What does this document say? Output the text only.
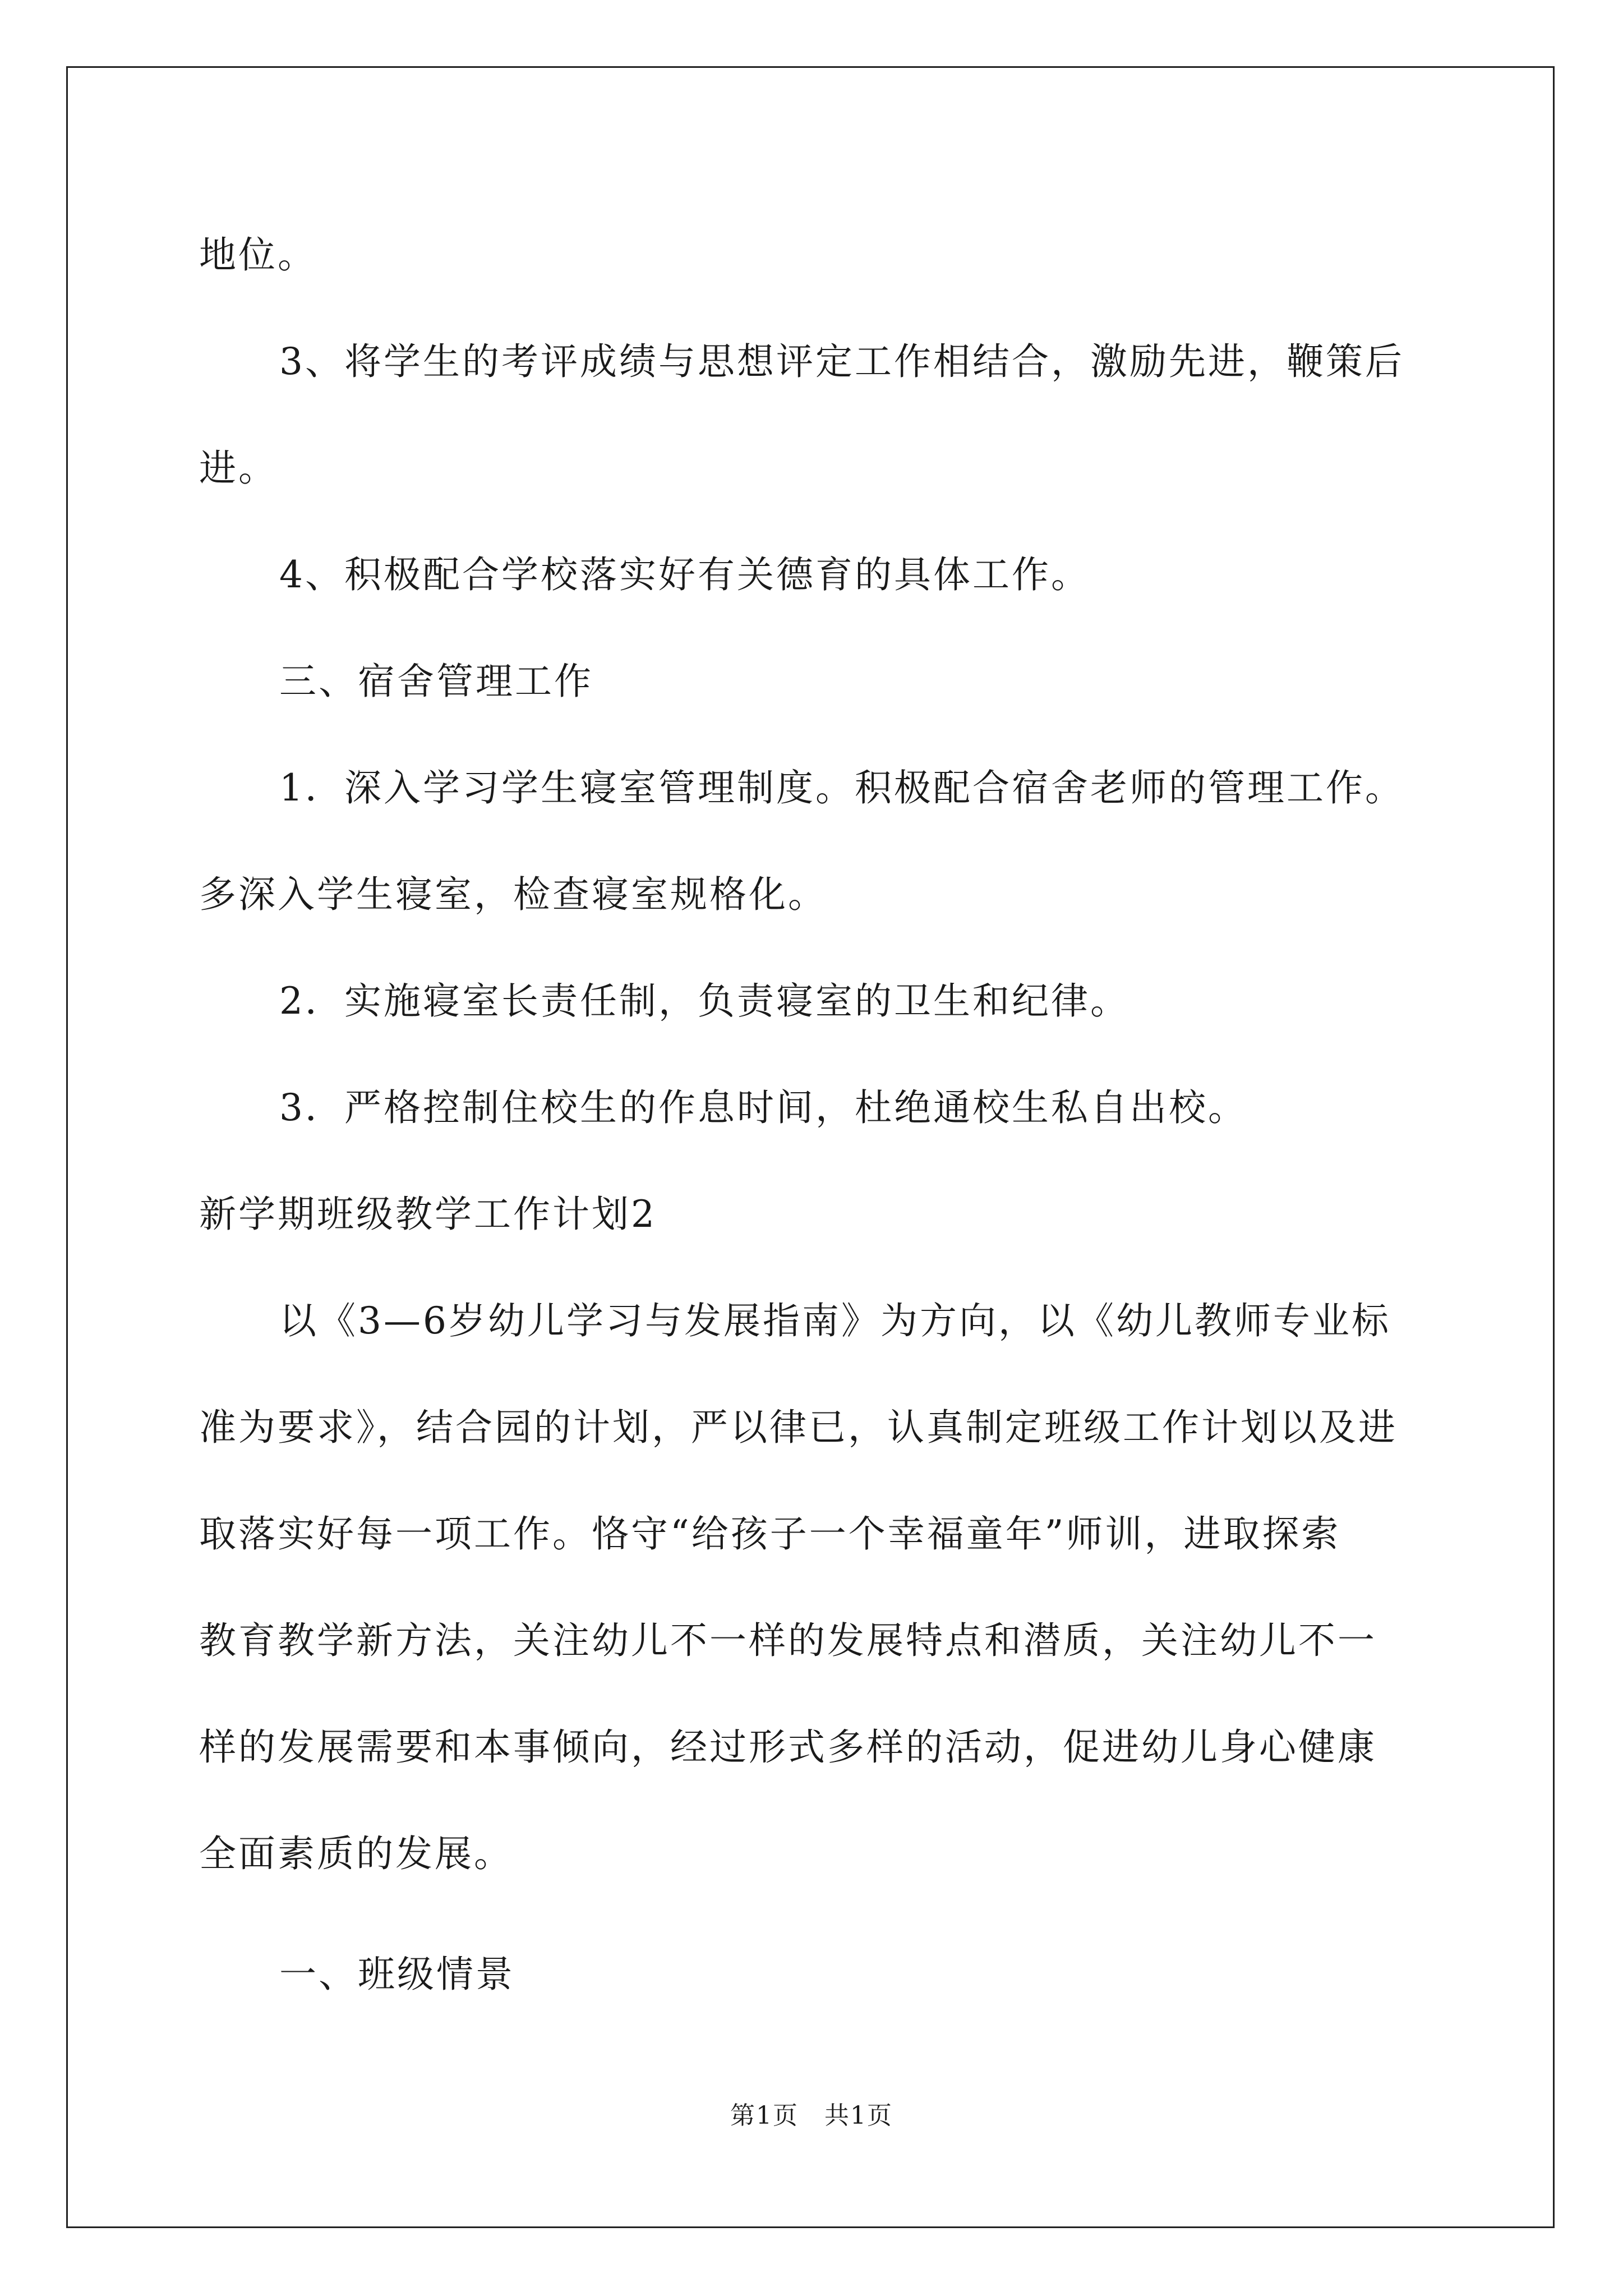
地位。
3、将学生的考评成绩与思想评定工作相结合，激励先进，鞭策后
进。
4、积极配合学校落实好有关德育的具体工作。
三、宿舍管理工作
1．深入学习学生寝室管理制度。积极配合宿舍老师的管理工作。
多深入学生寝室，检查寝室规格化。
2．实施寝室长责任制，负责寝室的卫生和纪律。
3．严格控制住校生的作息时间，杜绝通校生私自出校。
新学期班级教学工作计划2
以《3—6岁幼儿学习与发展指南》为方向，以《幼儿教师专业标
准为要求》，结合园的计划，严以律已，认真制定班级工作计划以及进
取落实好每一项工作。恪守“给孩子一个幸福童年”师训，进取探索
教育教学新方法，关注幼儿不一样的发展特点和潜质，关注幼儿不一
样的发展需要和本事倾向，经过形式多样的活动，促进幼儿身心健康
全面素质的发展。
一、班级情景
第1页　共1页
